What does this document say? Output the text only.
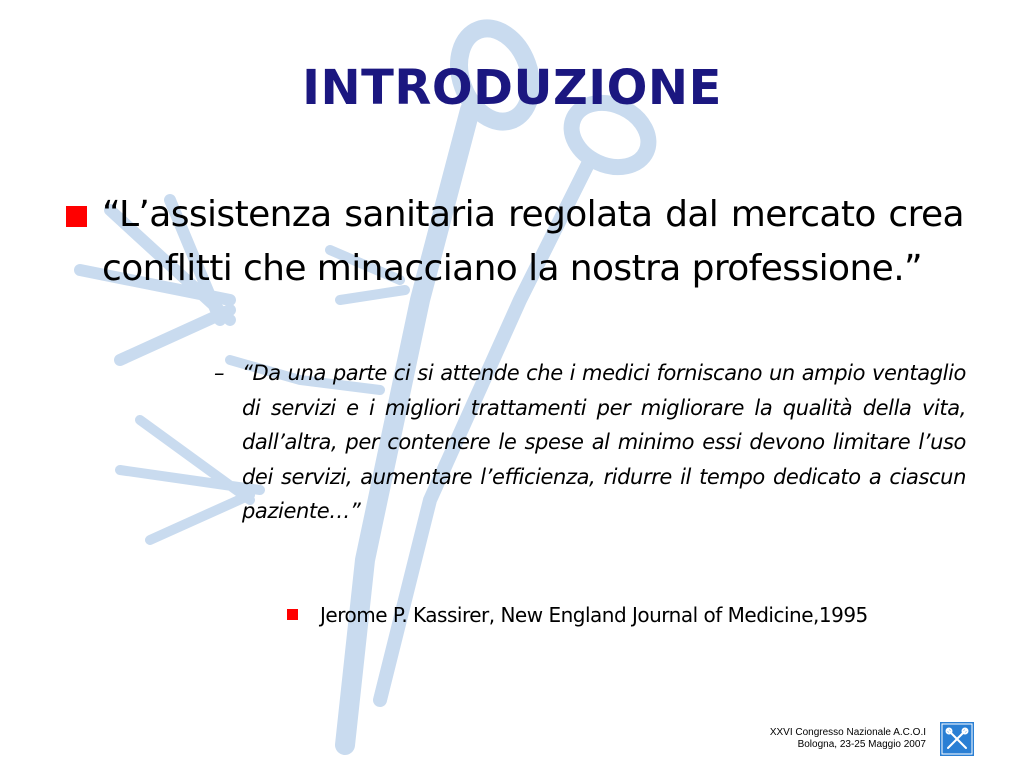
INTRODUZIONE
“L’assistenza sanitaria regolata dal mercato crea conflitti che minacciano la nostra professione.”
– “Da una parte ci si attende che i medici forniscano un ampio ventaglio di servizi e i migliori trattamenti per migliorare la qualità della vita, dall’altra, per contenere le spese al minimo essi devono limitare l’uso dei servizi, aumentare l’efficienza, ridurre il tempo dedicato a ciascun paziente…”
Jerome P. Kassirer, New England Journal of Medicine,1995
XXVI Congresso Nazionale A.C.O.I
Bologna, 23-25 Maggio 2007
